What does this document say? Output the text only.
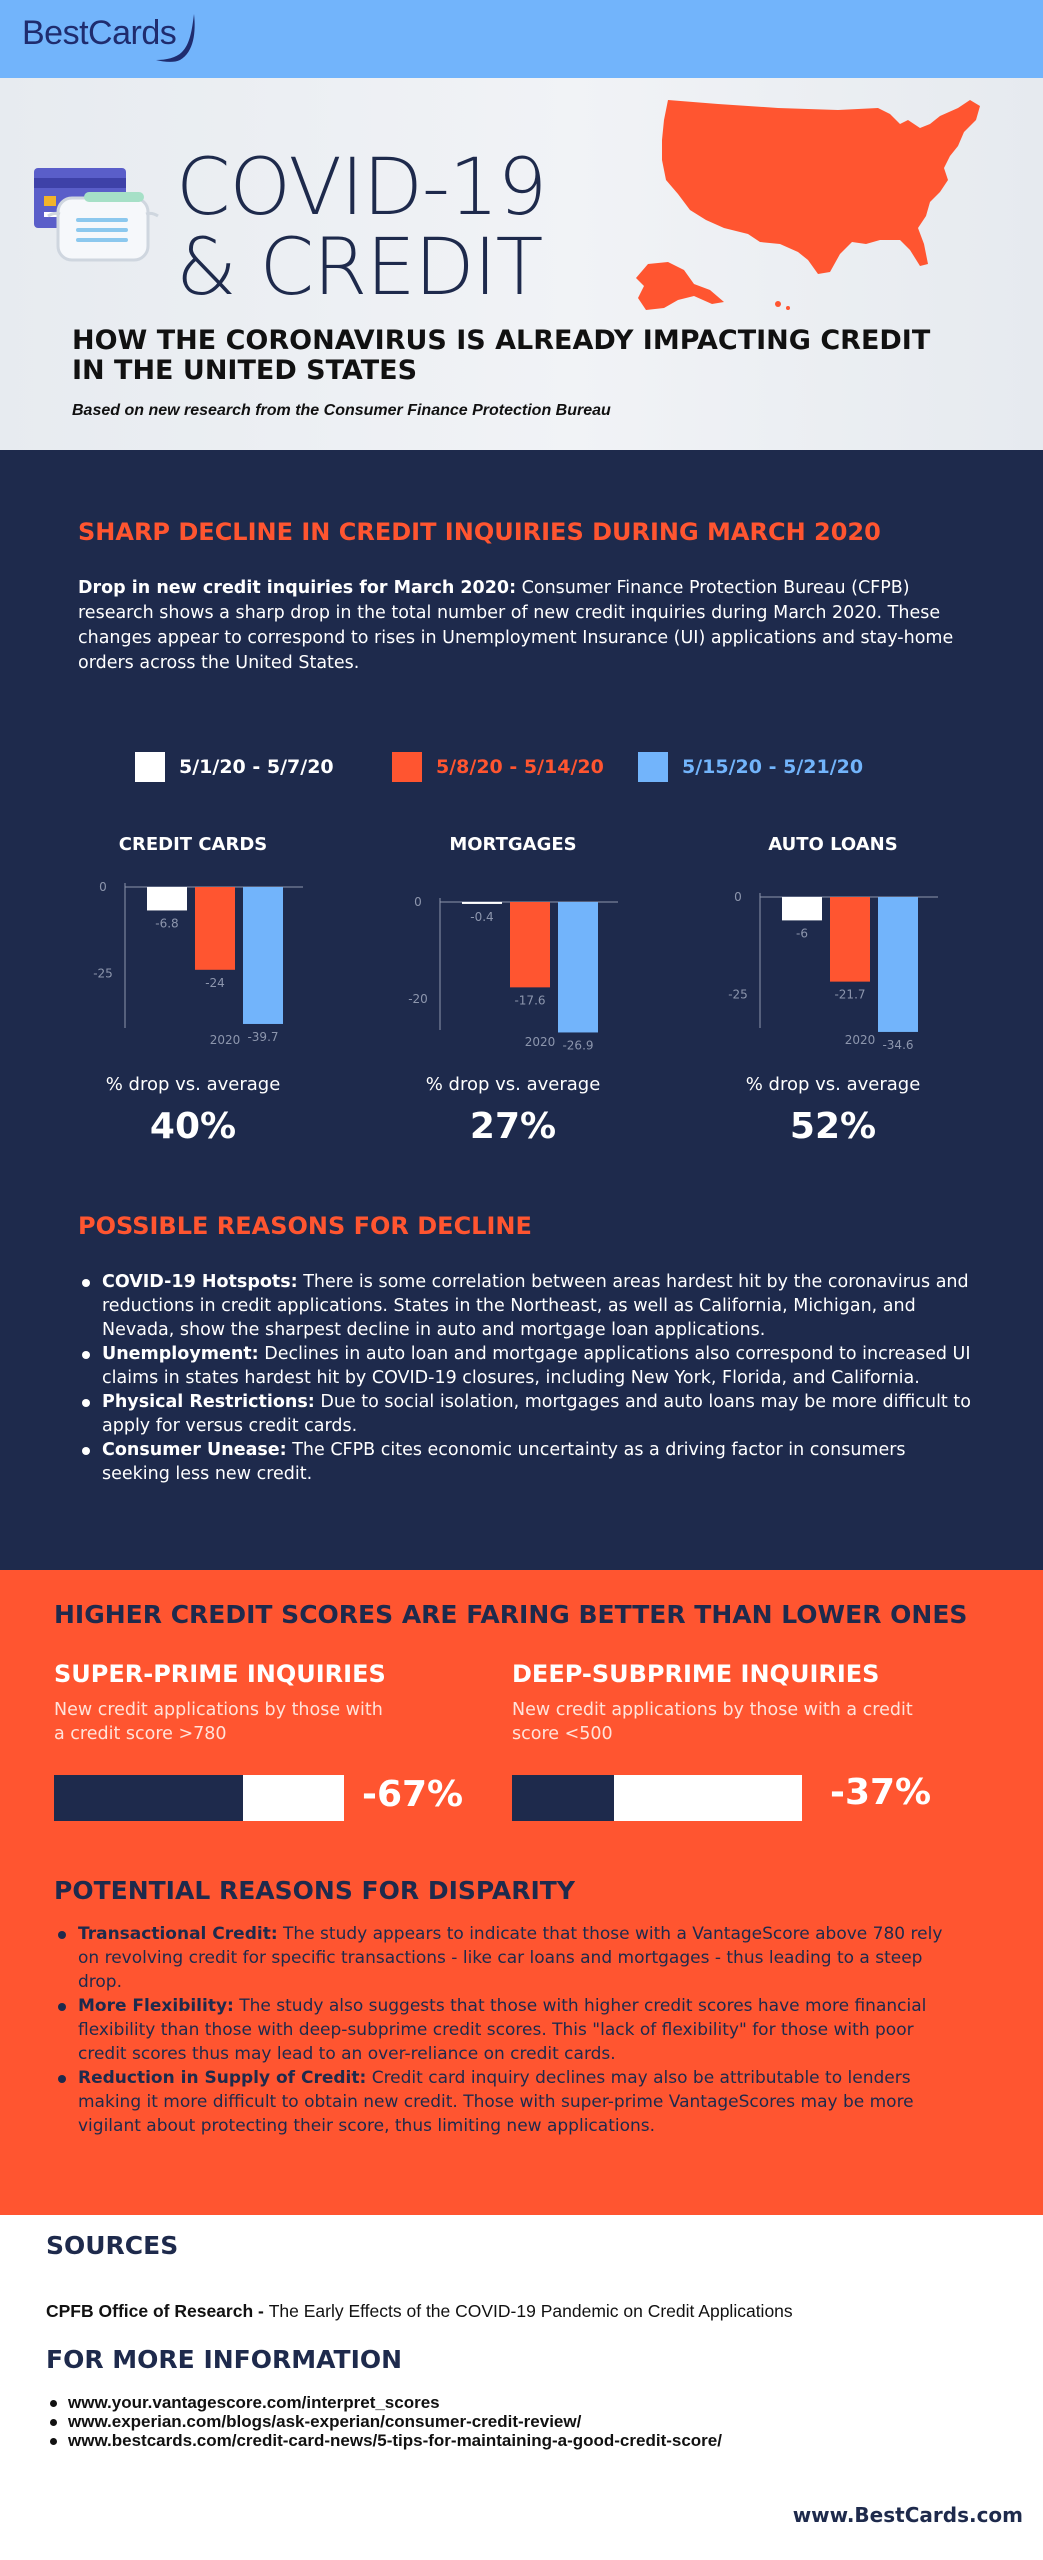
BestCards
COVID-19
& CREDIT
HOW THE CORONAVIRUS IS ALREADY IMPACTING CREDIT IN THE UNITED STATES
Based on new research from the Consumer Finance Protection Bureau
SHARP DECLINE IN CREDIT INQUIRIES DURING MARCH 2020
Drop in new credit inquiries for March 2020: Consumer Finance Protection Bureau (CFPB) research shows a sharp drop in the total number of new credit inquiries during March 2020. These changes appear to correspond to rises in Unemployment Insurance (UI) applications and stay-home orders across the United States.
5/1/20 - 5/7/20	5/8/20 - 5/14/20	5/15/20 - 5/21/20
CREDIT CARDS	MORTGAGES	AUTO LOANS
0
-25
-6.8
-24
-39.7
2020
0
-20
-0.4
-17.6
-26.9
2020
0
-25
-6
-21.7
-34.6
2020
% drop vs. average	% drop vs. average	% drop vs. average
40%	27%	52%
POSSIBLE REASONS FOR DECLINE
COVID-19 Hotspots: There is some correlation between areas hardest hit by the coronavirus and reductions in credit applications. States in the Northeast, as well as California, Michigan, and Nevada, show the sharpest decline in auto and mortgage loan applications.
Unemployment: Declines in auto loan and mortgage applications also correspond to increased UI claims in states hardest hit by COVID-19 closures, including New York, Florida, and California.
Physical Restrictions: Due to social isolation, mortgages and auto loans may be more difficult to apply for versus credit cards.
Consumer Unease: The CFPB cites economic uncertainty as a driving factor in consumers seeking less new credit.
HIGHER CREDIT SCORES ARE FARING BETTER THAN LOWER ONES
SUPER-PRIME INQUIRIES
New credit applications by those with a credit score >780
-67%
DEEP-SUBPRIME INQUIRIES
New credit applications by those with a credit score <500
-37%
POTENTIAL REASONS FOR DISPARITY
Transactional Credit: The study appears to indicate that those with a VantageScore above 780 rely on revolving credit for specific transactions - like car loans and mortgages - thus leading to a steep drop.
More Flexibility: The study also suggests that those with higher credit scores have more financial flexibility than those with deep-subprime credit scores. This "lack of flexibility" for those with poor credit scores thus may lead to an over-reliance on credit cards.
Reduction in Supply of Credit: Credit card inquiry declines may also be attributable to lenders making it more difficult to obtain new credit. Those with super-prime VantageScores may be more vigilant about protecting their score, thus limiting new applications.
SOURCES
CPFB Office of Research - The Early Effects of the COVID-19 Pandemic on Credit Applications
FOR MORE INFORMATION
www.your.vantagescore.com/interpret_scores
www.experian.com/blogs/ask-experian/consumer-credit-review/
www.bestcards.com/credit-card-news/5-tips-for-maintaining-a-good-credit-score/
www.BestCards.com
